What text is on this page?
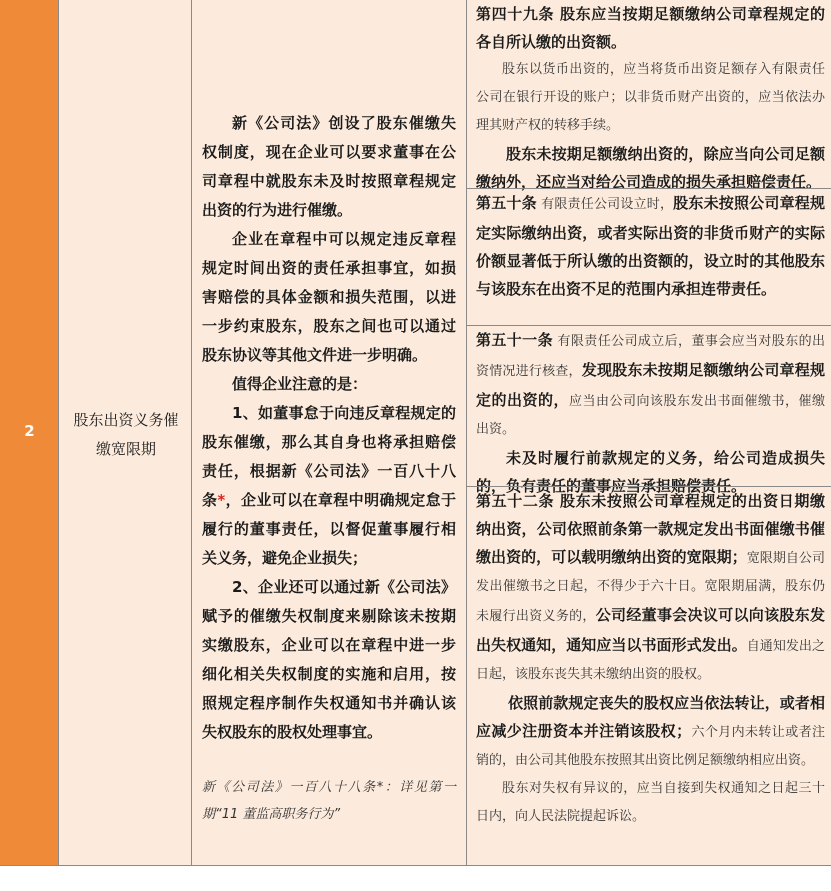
2
股东出资义务催缴宽限期

新《公司法》创设了股东催缴失权制度，现在企业可以要求董事在公司章程中就股东未及时按照章程规定出资的行为进行催缴。

企业在章程中可以规定违反章程规定时间出资的责任承担事宜，如损害赔偿的具体金额和损失范围，以进一步约束股东，股东之间也可以通过股东协议等其他文件进一步明确。

值得企业注意的是：

1、如董事怠于向违反章程规定的股东催缴，那么其自身也将承担赔偿责任，根据新《公司法》一百八十八条*，企业可以在章程中明确规定怠于履行的董事责任，以督促董事履行相关义务，避免企业损失；

2、企业还可以通过新《公司法》赋予的催缴失权制度来剔除该未按期实缴股东，企业可以在章程中进一步细化相关失权制度的实施和启用，按照规定程序制作失权通知书并确认该失权股东的股权处理事宜。

新《公司法》一百八十八条*：详见第一期“11 董监高职务行为”

第四十九条 股东应当按期足额缴纳公司章程规定的各自所认缴的出资额。

股东以货币出资的，应当将货币出资足额存入有限责任公司在银行开设的账户；以非货币财产出资的，应当依法办理其财产权的转移手续。

股东未按期足额缴纳出资的，除应当向公司足额缴纳外，还应当对给公司造成的损失承担赔偿责任。

第五十条 有限责任公司设立时，股东未按照公司章程规定实际缴纳出资，或者实际出资的非货币财产的实际价额显著低于所认缴的出资额的，设立时的其他股东与该股东在出资不足的范围内承担连带责任。

第五十一条 有限责任公司成立后，董事会应当对股东的出资情况进行核查，发现股东未按期足额缴纳公司章程规定的出资的，应当由公司向该股东发出书面催缴书，催缴出资。

未及时履行前款规定的义务，给公司造成损失的，负有责任的董事应当承担赔偿责任。

第五十二条 股东未按照公司章程规定的出资日期缴纳出资，公司依照前条第一款规定发出书面催缴书催缴出资的，可以载明缴纳出资的宽限期；宽限期自公司发出催缴书之日起，不得少于六十日。宽限期届满，股东仍未履行出资义务的，公司经董事会决议可以向该股东发出失权通知，通知应当以书面形式发出。自通知发出之日起，该股东丧失其未缴纳出资的股权。

依照前款规定丧失的股权应当依法转让，或者相应减少注册资本并注销该股权；六个月内未转让或者注销的，由公司其他股东按照其出资比例足额缴纳相应出资。

股东对失权有异议的，应当自接到失权通知之日起三十日内，向人民法院提起诉讼。
